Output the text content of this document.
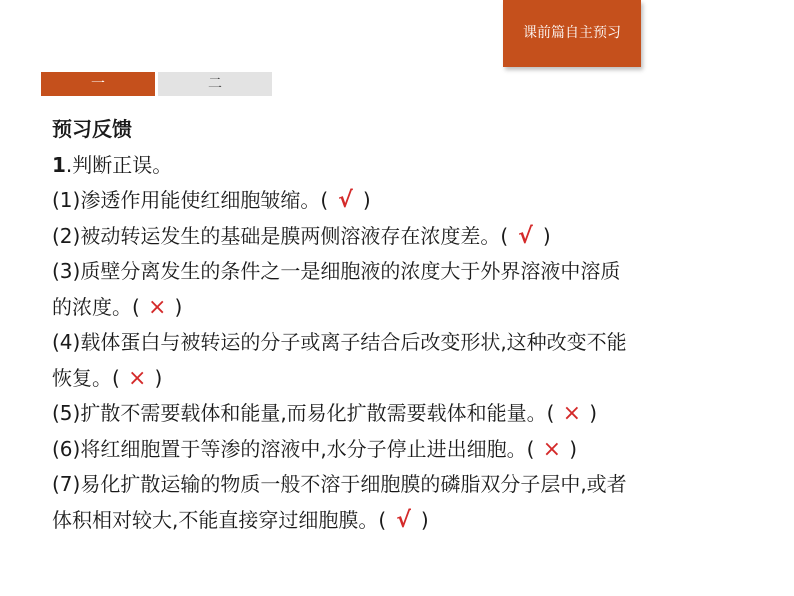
课前篇自主预习
一	二
预习反馈
1.判断正误。
(1)渗透作用能使红细胞皱缩。( √ )
(2)被动转运发生的基础是膜两侧溶液存在浓度差。( √ )
(3)质壁分离发生的条件之一是细胞液的浓度大于外界溶液中溶质
的浓度。( × )
(4)载体蛋白与被转运的分子或离子结合后改变形状,这种改变不能
恢复。( × )
(5)扩散不需要载体和能量,而易化扩散需要载体和能量。( × )
(6)将红细胞置于等渗的溶液中,水分子停止进出细胞。( × )
(7)易化扩散运输的物质一般不溶于细胞膜的磷脂双分子层中,或者
体积相对较大,不能直接穿过细胞膜。( √ )
